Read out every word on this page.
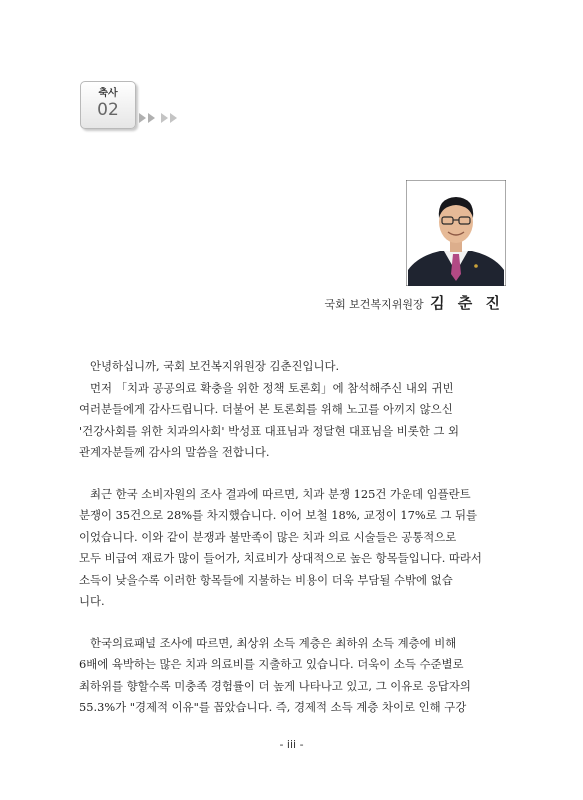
축사
02
국회 보건복지위원장 김 춘 진

안녕하십니까, 국회 보건복지위원장 김춘진입니다.

먼저 「치과 공공의료 확충을 위한 정책 토론회」에 참석해주신 내외 귀빈

여러분들에게 감사드립니다. 더불어 본 토론회를 위해 노고를 아끼지 않으신

'건강사회를 위한 치과의사회' 박성표 대표님과 정달현 대표님을 비롯한 그 외

관계자분들께 감사의 말씀을 전합니다.

최근 한국 소비자원의 조사 결과에 따르면, 치과 분쟁 125건 가운데 임플란트

분쟁이 35건으로 28%를 차지했습니다. 이어 보철 18%, 교정이 17%로 그 뒤를

이었습니다. 이와 같이 분쟁과 불만족이 많은 치과 의료 시술들은 공통적으로

모두 비급여 재료가 많이 들어가, 치료비가 상대적으로 높은 항목들입니다. 따라서

소득이 낮을수록 이러한 항목들에 지불하는 비용이 더욱 부담될 수밖에 없습

니다.

한국의료패널 조사에 따르면, 최상위 소득 계층은 최하위 소득 계층에 비해

6배에 육박하는 많은 치과 의료비를 지출하고 있습니다. 더욱이 소득 수준별로

최하위를 향할수록 미충족 경험률이 더 높게 나타나고 있고, 그 이유로 응답자의

55.3%가 "경제적 이유"를 꼽았습니다. 즉, 경제적 소득 계층 차이로 인해 구강

- iii -
